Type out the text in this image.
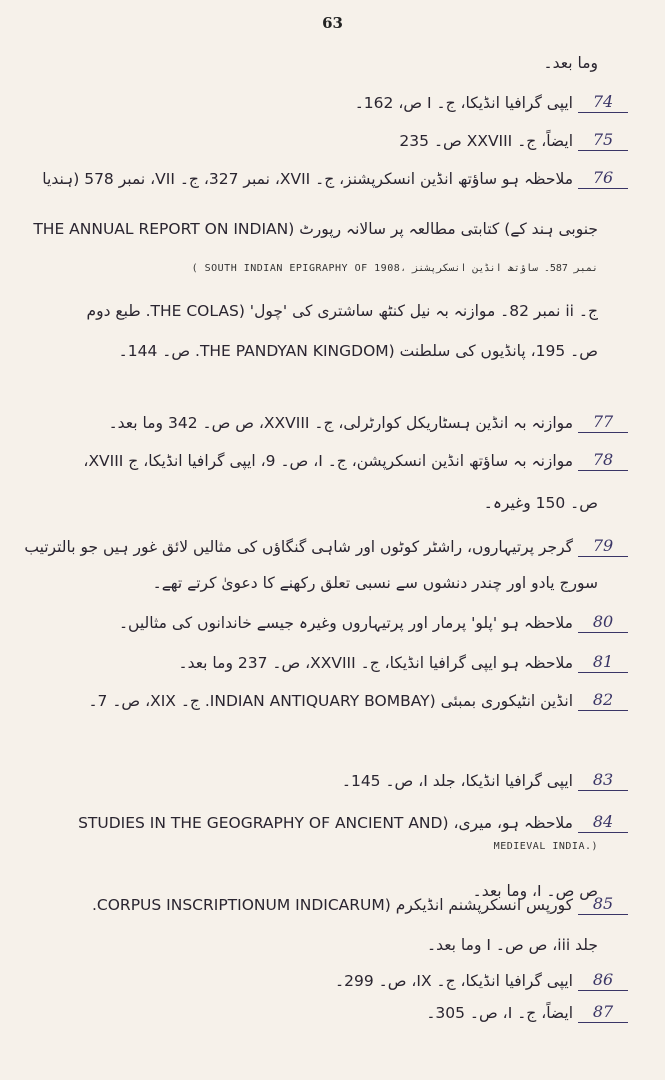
63
وما بعد۔
74
ایپی گرافیا انڈیکا، ج۔ I ص، 162۔
75
ایضاً، ج۔ XXVIII ص۔ 235
76
ملاحظہ ہو ساؤتھ انڈین انسکرپشنز، ج۔ XVII، نمبر 327، ج۔ VII، نمبر 578 (ہندیا
جنوبی ہند کے) کتابتی مطالعہ پر سالانہ رپورٹ (THE ANNUAL REPORT ON INDIAN
ج۔ ii نمبر 82۔ موازنہ بہ نیل کنٹھ ساشتری کی 'چول' (THE COLAS. طبع دوم
ص۔ 195، پانڈیوں کی سلطنت (THE PANDYAN KINGDOM. ص۔ 144۔
77
موازنہ بہ انڈین ہسٹاریکل کوارٹرلی، ج۔ XXVIII، ص ص۔ 342 وما بعد۔
78
موازنہ بہ ساؤتھ انڈین انسکرپشن، ج۔ I، ص۔ 9، ایپی گرافیا انڈیکا، ج XVIII،
ص۔ 150 وغیرہ۔
79
گرجر پرتیہاروں، راشٹر کوٹوں اور شاہی گنگاؤں کی مثالیں لائق غور ہیں جو بالترتیب
سورج یادو اور چندر دنشوں سے نسبی تعلق رکھنے کا دعویٰ کرتے تھے۔
80
ملاحظہ ہو 'پلو' پرمار اور پرتیہاروں وغیرہ جیسے خاندانوں کی مثالیں۔
81
ملاحظہ ہو ایپی گرافیا انڈیکا، ج۔ XXVIII، ص۔ 237 وما بعد۔
82
انڈین انٹیکوری بمبئی (INDIAN ANTIQUARY BOMBAY. ج۔ XIX، ص۔ 7۔
83
ایپی گرافیا انڈیکا، جلد I، ص۔ 145۔
84
ملاحظہ ہو، میری، (STUDIES IN THE GEOGRAPHY OF ANCIENT AND
ص ص۔ I، وما بعد۔
85
کورپس انسکرپشنم انڈیکرم (CORPUS INSCRIPTIONUM INDICARUM.
جلد iii، ص ص۔ I وما بعد۔
86
ایپی گرافیا انڈیکا، ج۔ IX، ص۔ 299۔
87
ایضاً، ج۔ I، ص۔ 305۔
( SOUTH INDIAN EPIGRAPHY OF 1908، نمبر 587۔ ساؤتھ انڈین انسکرپشنز
MEDIEVAL INDIA.)
